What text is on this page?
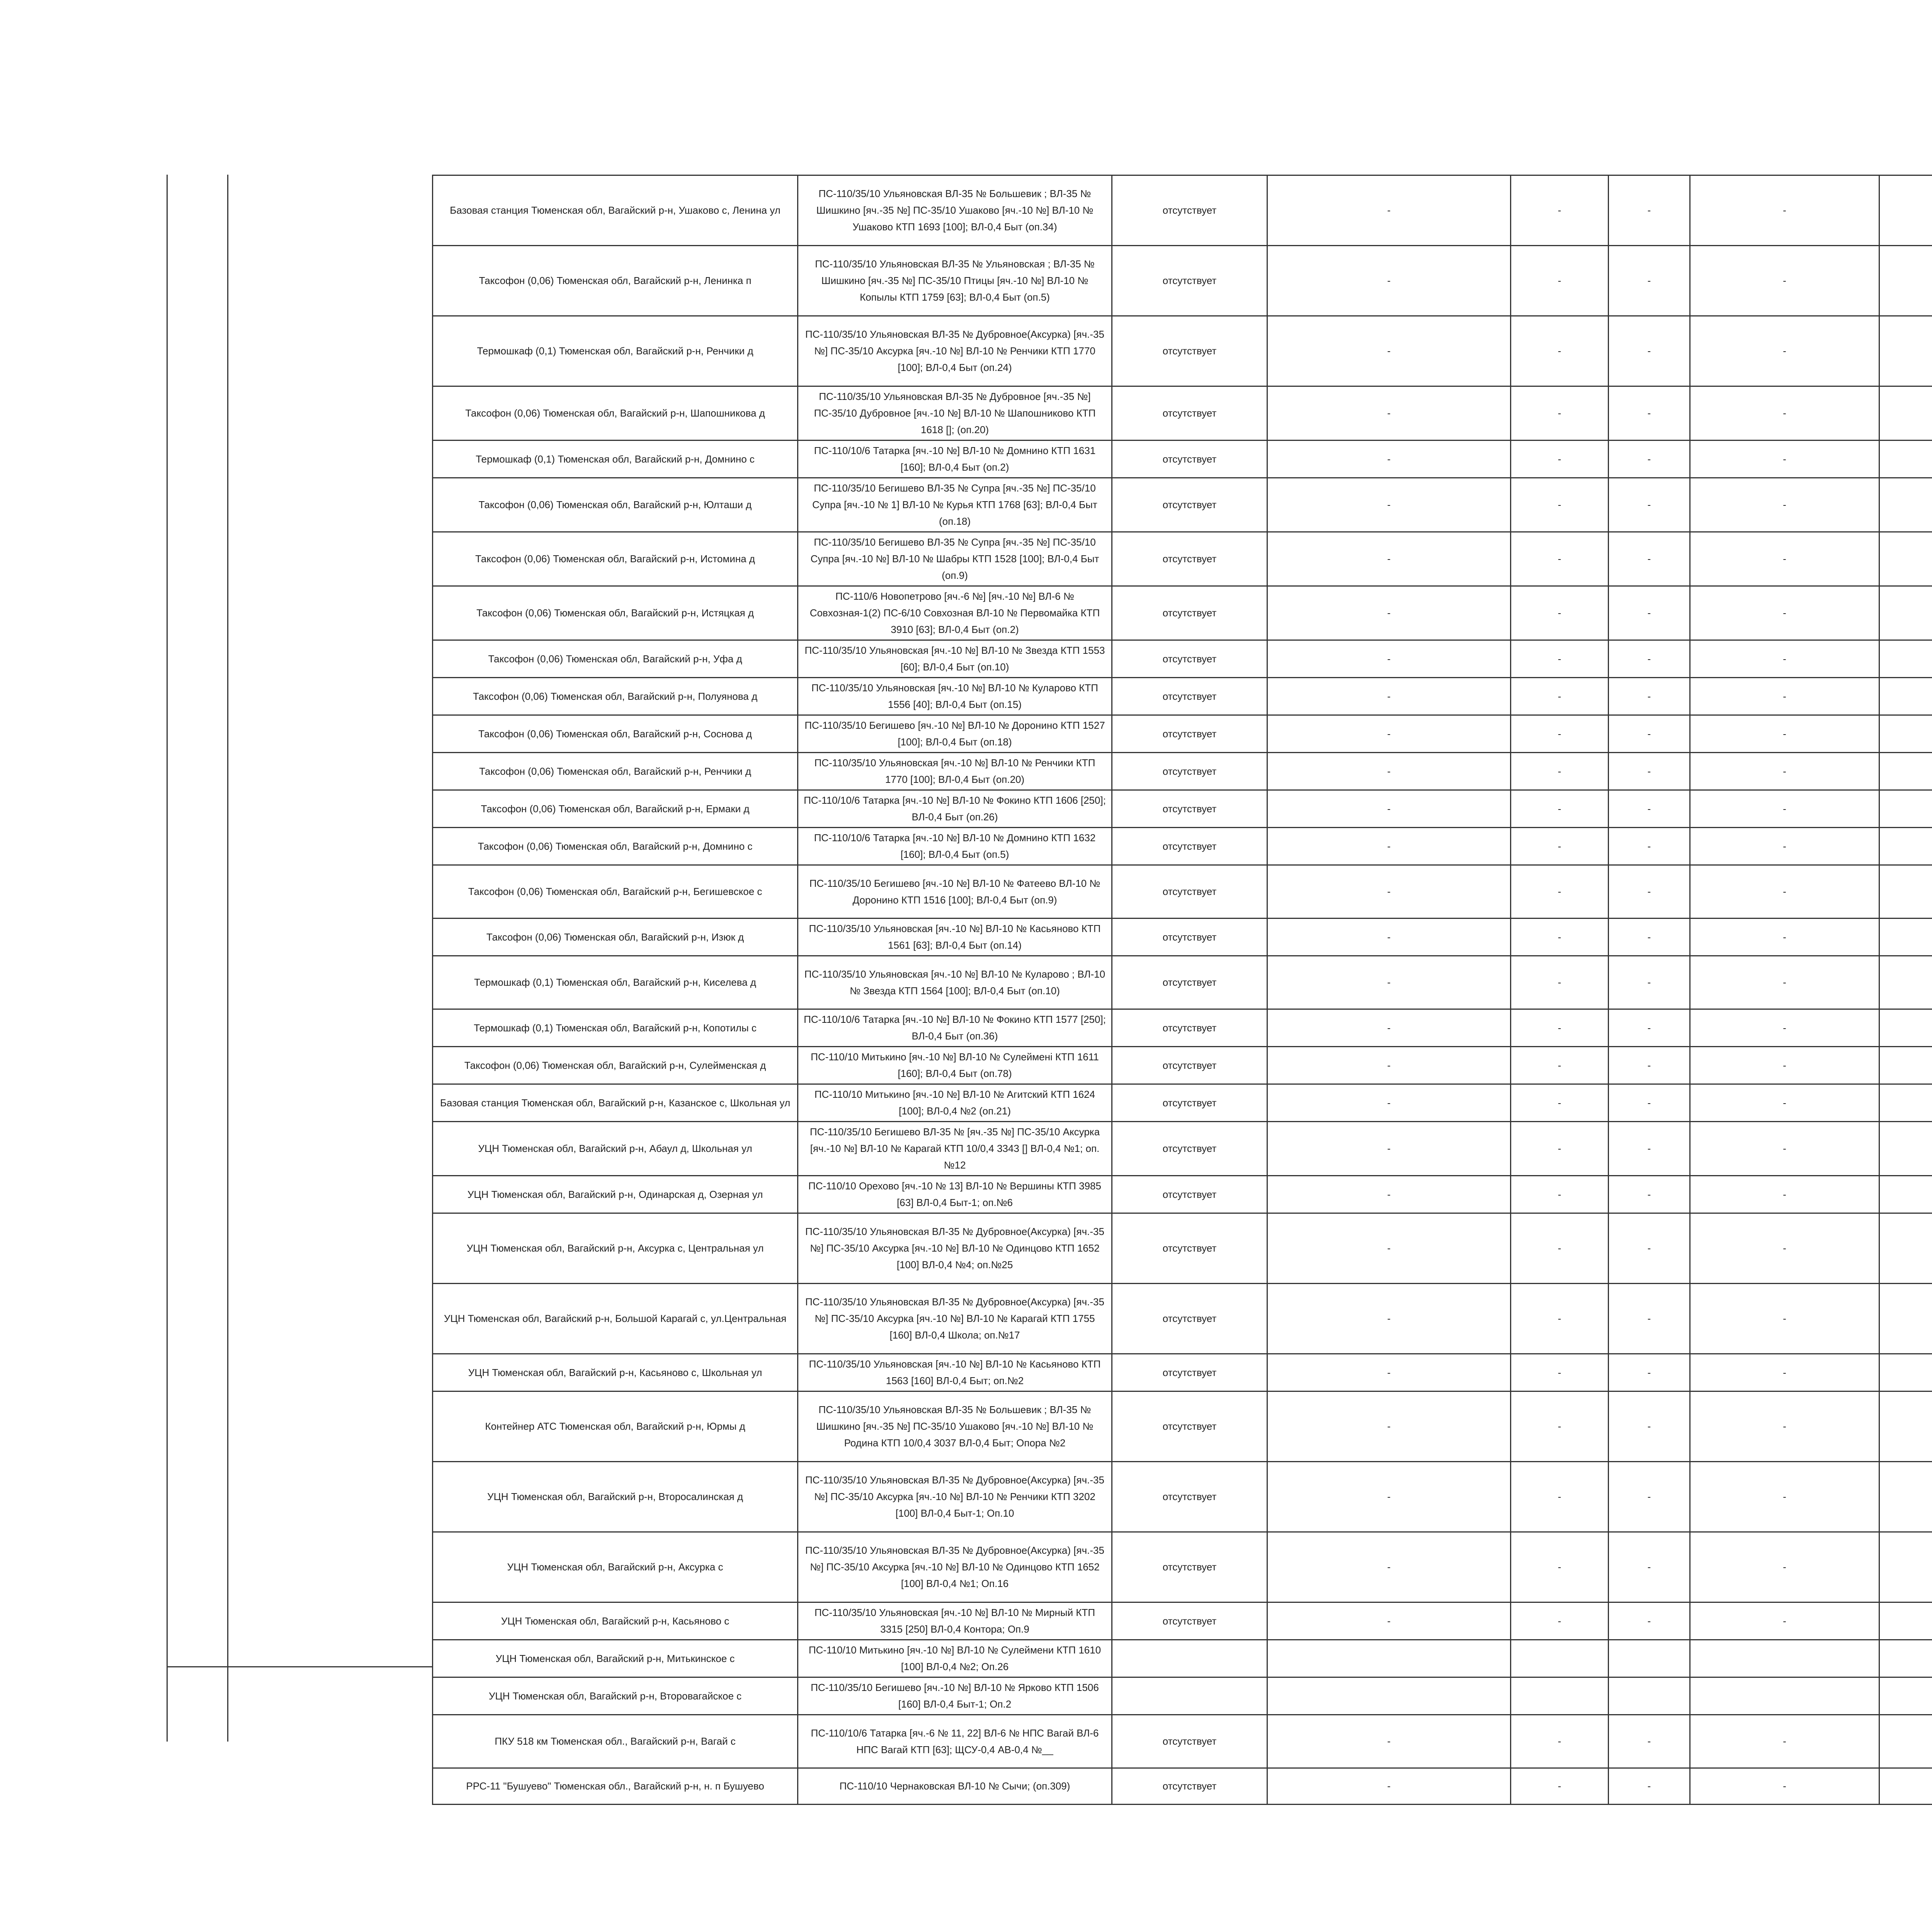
Базовая станция Тюменская обл, Вагайский р-н, Ушаково с, Ленина ул	ПС-110/35/10 Ульяновская ВЛ-35 № Большевик ; ВЛ-35 № Шишкино [яч.-35 №] ПС-35/10 Ушаково [яч.-10 №] ВЛ-10 № Ушаково КТП 1693 [100]; ВЛ-0,4 Быт (оп.34)	отсутствует	-	-	-	-		
Таксофон (0,06) Тюменская обл, Вагайский р-н, Ленинка п	ПС-110/35/10 Ульяновская ВЛ-35 № Ульяновская ; ВЛ-35 № Шишкино [яч.-35 №] ПС-35/10 Птицы [яч.-10 №] ВЛ-10 № Копылы КТП 1759 [63]; ВЛ-0,4 Быт (оп.5)	отсутствует	-	-	-	-		
Термошкаф (0,1) Тюменская обл, Вагайский р-н, Ренчики д	ПС-110/35/10 Ульяновская ВЛ-35 № Дубровное(Аксурка) [яч.-35 №] ПС-35/10 Аксурка [яч.-10 №] ВЛ-10 № Ренчики КТП 1770 [100]; ВЛ-0,4 Быт (оп.24)	отсутствует	-	-	-	-		
Таксофон (0,06) Тюменская обл, Вагайский р-н, Шапошникова д	ПС-110/35/10 Ульяновская ВЛ-35 № Дубровное [яч.-35 №] ПС-35/10 Дубровное [яч.-10 №] ВЛ-10 № Шапошниково КТП 1618 []; (оп.20)	отсутствует	-	-	-	-		
Термошкаф (0,1) Тюменская обл, Вагайский р-н, Домнино с	ПС-110/10/6 Татарка [яч.-10 №] ВЛ-10 № Домнино КТП 1631 [160]; ВЛ-0,4 Быт (оп.2)	отсутствует	-	-	-	-		
Таксофон (0,06) Тюменская обл, Вагайский р-н, Юлташи д	ПС-110/35/10 Бегишево ВЛ-35 № Супра [яч.-35 №] ПС-35/10 Супра [яч.-10 № 1] ВЛ-10 № Курья КТП 1768 [63]; ВЛ-0,4 Быт (оп.18)	отсутствует	-	-	-	-		
Таксофон (0,06) Тюменская обл, Вагайский р-н, Истомина д	ПС-110/35/10 Бегишево ВЛ-35 № Супра [яч.-35 №] ПС-35/10 Супра [яч.-10 №] ВЛ-10 № Шабры КТП 1528 [100]; ВЛ-0,4 Быт (оп.9)	отсутствует	-	-	-	-		
Таксофон (0,06) Тюменская обл, Вагайский р-н, Истяцкая д	ПС-110/6 Новопетрово [яч.-6 №] [яч.-10 №] ВЛ-6 № Совхозная-1(2) ПС-6/10 Совхозная ВЛ-10 № Первомайка КТП 3910 [63]; ВЛ-0,4 Быт (оп.2)	отсутствует	-	-	-	-		
Таксофон (0,06) Тюменская обл, Вагайский р-н, Уфа д	ПС-110/35/10 Ульяновская [яч.-10 №] ВЛ-10 № Звезда КТП 1553 [60]; ВЛ-0,4 Быт (оп.10)	отсутствует	-	-	-	-		
Таксофон (0,06) Тюменская обл, Вагайский р-н, Полуянова д	ПС-110/35/10 Ульяновская [яч.-10 №] ВЛ-10 № Куларово КТП 1556 [40]; ВЛ-0,4 Быт (оп.15)	отсутствует	-	-	-	-		
Таксофон (0,06) Тюменская обл, Вагайский р-н, Соснова д	ПС-110/35/10 Бегишево [яч.-10 №] ВЛ-10 № Доронино КТП 1527 [100]; ВЛ-0,4 Быт (оп.18)	отсутствует	-	-	-	-		
Таксофон (0,06) Тюменская обл, Вагайский р-н, Ренчики д	ПС-110/35/10 Ульяновская [яч.-10 №] ВЛ-10 № Ренчики КТП 1770 [100]; ВЛ-0,4 Быт (оп.20)	отсутствует	-	-	-	-		
Таксофон (0,06) Тюменская обл, Вагайский р-н, Ермаки д	ПС-110/10/6 Татарка [яч.-10 №] ВЛ-10 № Фокино КТП 1606 [250]; ВЛ-0,4 Быт (оп.26)	отсутствует	-	-	-	-		
Таксофон (0,06) Тюменская обл, Вагайский р-н, Домнино с	ПС-110/10/6 Татарка [яч.-10 №] ВЛ-10 № Домнино КТП 1632 [160]; ВЛ-0,4 Быт (оп.5)	отсутствует	-	-	-	-		
Таксофон (0,06) Тюменская обл, Вагайский р-н, Бегишевское с	ПС-110/35/10 Бегишево [яч.-10 №] ВЛ-10 № Фатеево ВЛ-10 № Доронино КТП 1516 [100]; ВЛ-0,4 Быт (оп.9)	отсутствует	-	-	-	-		
Таксофон (0,06) Тюменская обл, Вагайский р-н, Изюк д	ПС-110/35/10 Ульяновская [яч.-10 №] ВЛ-10 № Касьяново КТП 1561 [63]; ВЛ-0,4 Быт (оп.14)	отсутствует	-	-	-	-		
Термошкаф (0,1) Тюменская обл, Вагайский р-н, Киселева д	ПС-110/35/10 Ульяновская [яч.-10 №] ВЛ-10 № Куларово ; ВЛ-10 № Звезда КТП 1564 [100]; ВЛ-0,4 Быт (оп.10)	отсутствует	-	-	-	-		
Термошкаф (0,1) Тюменская обл, Вагайский р-н, Копотилы с	ПС-110/10/6 Татарка [яч.-10 №] ВЛ-10 № Фокино КТП 1577 [250]; ВЛ-0,4 Быт (оп.36)	отсутствует	-	-	-	-		
Таксофон (0,06) Тюменская обл, Вагайский р-н, Сулейменская д	ПС-110/10 Митькино [яч.-10 №] ВЛ-10 № Сулейменi КТП 1611 [160]; ВЛ-0,4 Быт (оп.78)	отсутствует	-	-	-	-		
Базовая станция Тюменская обл, Вагайский р-н, Казанское с, Школьная ул	ПС-110/10 Митькино [яч.-10 №] ВЛ-10 № Агитский КТП 1624 [100]; ВЛ-0,4 №2 (оп.21)	отсутствует	-	-	-	-		
УЦН Тюменская обл, Вагайский р-н, Абаул д, Школьная ул	ПС-110/35/10 Бегишево ВЛ-35 № [яч.-35 №] ПС-35/10 Аксурка [яч.-10 №] ВЛ-10 № Карагай КТП 10/0,4 3343 [] ВЛ-0,4 №1; оп.№12	отсутствует	-	-	-	-		
УЦН Тюменская обл, Вагайский р-н, Одинарская д, Озерная ул	ПС-110/10 Орехово [яч.-10 № 13] ВЛ-10 № Вершины КТП 3985 [63] ВЛ-0,4 Быт-1; оп.№6	отсутствует	-	-	-	-		
УЦН Тюменская обл, Вагайский р-н, Аксурка с, Центральная ул	ПС-110/35/10 Ульяновская ВЛ-35 № Дубровное(Аксурка) [яч.-35 №] ПС-35/10 Аксурка [яч.-10 №] ВЛ-10 № Одинцово КТП 1652 [100] ВЛ-0,4 №4; оп.№25	отсутствует	-	-	-	-		
УЦН Тюменская обл, Вагайский р-н, Большой Карагай с, ул.Центральная	ПС-110/35/10 Ульяновская ВЛ-35 № Дубровное(Аксурка) [яч.-35 №] ПС-35/10 Аксурка [яч.-10 №] ВЛ-10 № Карагай КТП 1755 [160] ВЛ-0,4 Школа; оп.№17	отсутствует	-	-	-	-		
УЦН Тюменская обл, Вагайский р-н, Касьяново с, Школьная ул	ПС-110/35/10 Ульяновская [яч.-10 №] ВЛ-10 № Касьяново КТП 1563 [160] ВЛ-0,4 Быт; оп.№2	отсутствует	-	-	-	-		
Контейнер АТС Тюменская обл, Вагайский р-н, Юрмы д	ПС-110/35/10 Ульяновская ВЛ-35 № Большевик ; ВЛ-35 № Шишкино [яч.-35 №] ПС-35/10 Ушаково [яч.-10 №] ВЛ-10 № Родина КТП 10/0,4 3037 ВЛ-0,4 Быт; Опора №2	отсутствует	-	-	-	-		
УЦН Тюменская обл, Вагайский р-н, Второсалинская д	ПС-110/35/10 Ульяновская ВЛ-35 № Дубровное(Аксурка) [яч.-35 №] ПС-35/10 Аксурка [яч.-10 №] ВЛ-10 № Ренчики КТП 3202 [100] ВЛ-0,4 Быт-1; Оп.10	отсутствует	-	-	-	-		
УЦН Тюменская обл, Вагайский р-н, Аксурка с	ПС-110/35/10 Ульяновская ВЛ-35 № Дубровное(Аксурка) [яч.-35 №] ПС-35/10 Аксурка [яч.-10 №] ВЛ-10 № Одинцово КТП 1652 [100] ВЛ-0,4 №1; Оп.16	отсутствует	-	-	-	-		
УЦН Тюменская обл, Вагайский р-н, Касьяново с	ПС-110/35/10 Ульяновская [яч.-10 №] ВЛ-10 № Мирный КТП 3315 [250] ВЛ-0,4 Контора; Оп.9	отсутствует	-	-	-	-		
УЦН Тюменская обл, Вагайский р-н, Митькинское с	ПС-110/10 Митькино [яч.-10 №] ВЛ-10 № Сулеймени КТП 1610 [100] ВЛ-0,4 №2; Оп.26							
УЦН Тюменская обл, Вагайский р-н, Второвагайское с	ПС-110/35/10 Бегишево [яч.-10 №] ВЛ-10 № Ярково КТП 1506 [160] ВЛ-0,4 Быт-1; Оп.2							
ПКУ 518 км Тюменская обл., Вагайский р-н, Вагай с	ПС-110/10/6 Татарка [яч.-6 № 11, 22] ВЛ-6 № НПС Вагай ВЛ-6 НПС Вагай КТП [63]; ЩСУ-0,4 АВ-0,4 №__	отсутствует	-	-	-	-		
РРС-11 "Бушуево" Тюменская обл., Вагайский р-н, н. п Бушуево	ПС-110/10 Чернаковская ВЛ-10 № Сычи; (оп.309)	отсутствует	-	-	-	-		
